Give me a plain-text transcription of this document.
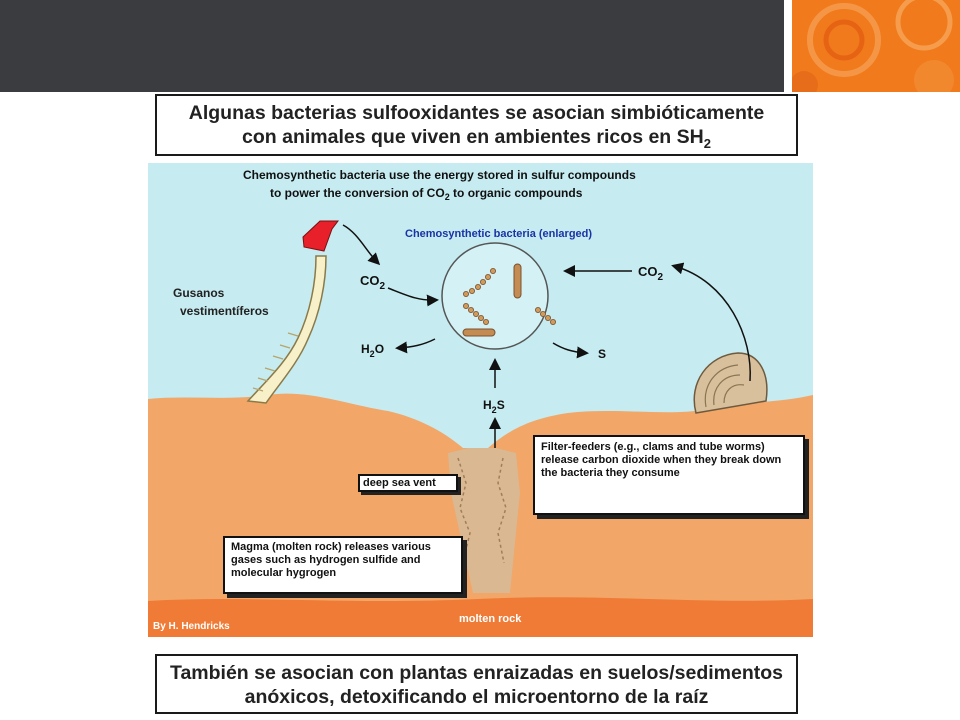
Algunas bacterias sulfooxidantes se asocian simbióticamente
con animales que viven en ambientes ricos en $SH_2$
Chemosynthetic bacteria use the energy stored in sulfur compounds
to power the conversion of $CO_2$ to organic compounds
Chemosynthetic bacteria (enlarged)
Gusanos
vestimentíferos
$CO_2$
$CO_2$
$H_2O$	S
$H_2S$
molten rock
By H. Hendricks
deep sea vent
Filter-feeders (e.g., clams and tube worms) release carbon dioxide when they break down the bacteria they consume
Magma (molten rock) releases various gases such as hydrogen sulfide and molecular hygrogen
También se asocian con plantas enraizadas en suelos/sedimentos
anóxicos, detoxificando el microentorno de la raíz
